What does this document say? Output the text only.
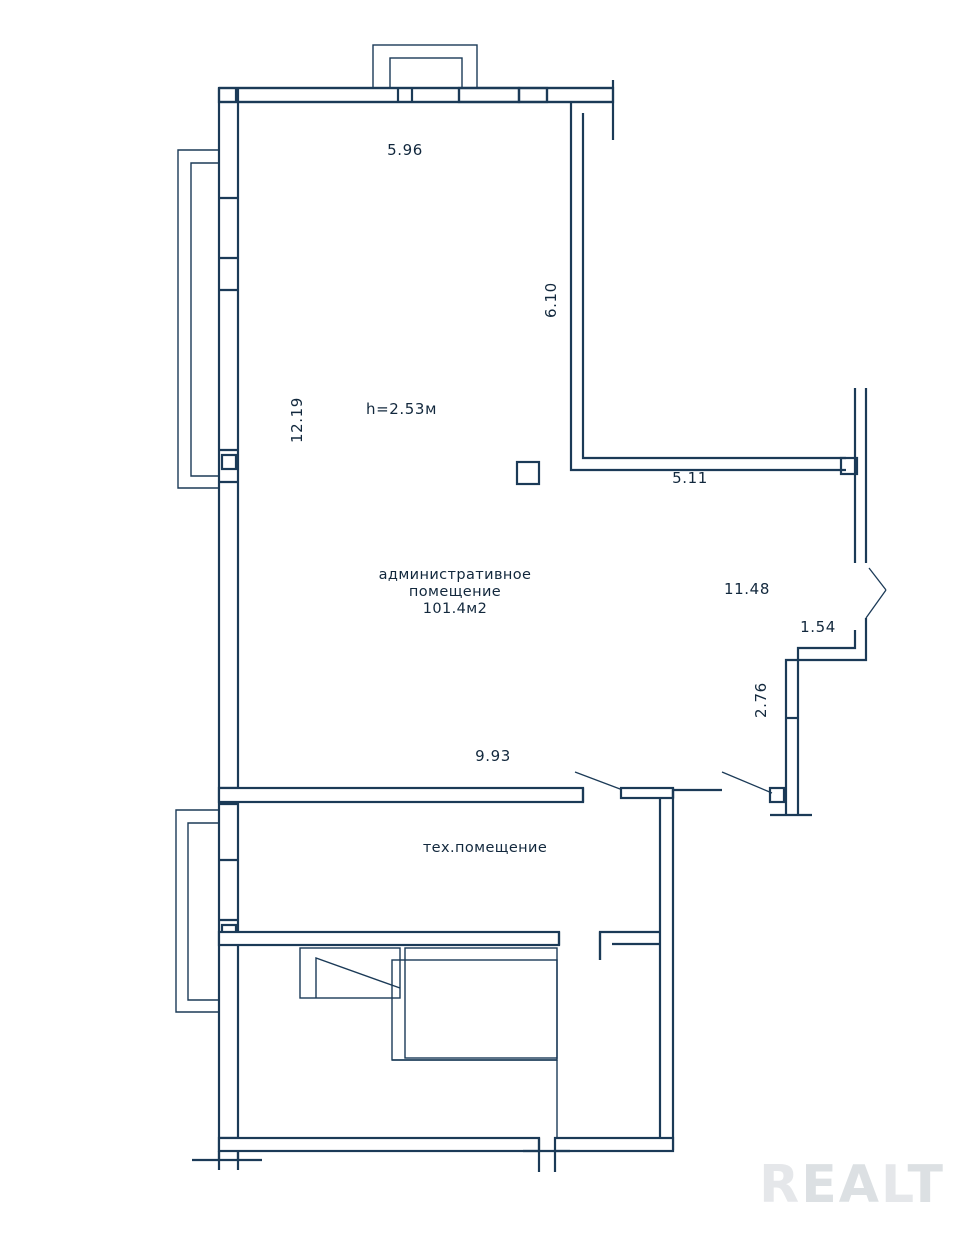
5.96
12.19
6.10
5.11
11.48
1.54
2.76
9.93
h=2.53м
административное
помещение
101.4м2
тех.помещение
REALT
